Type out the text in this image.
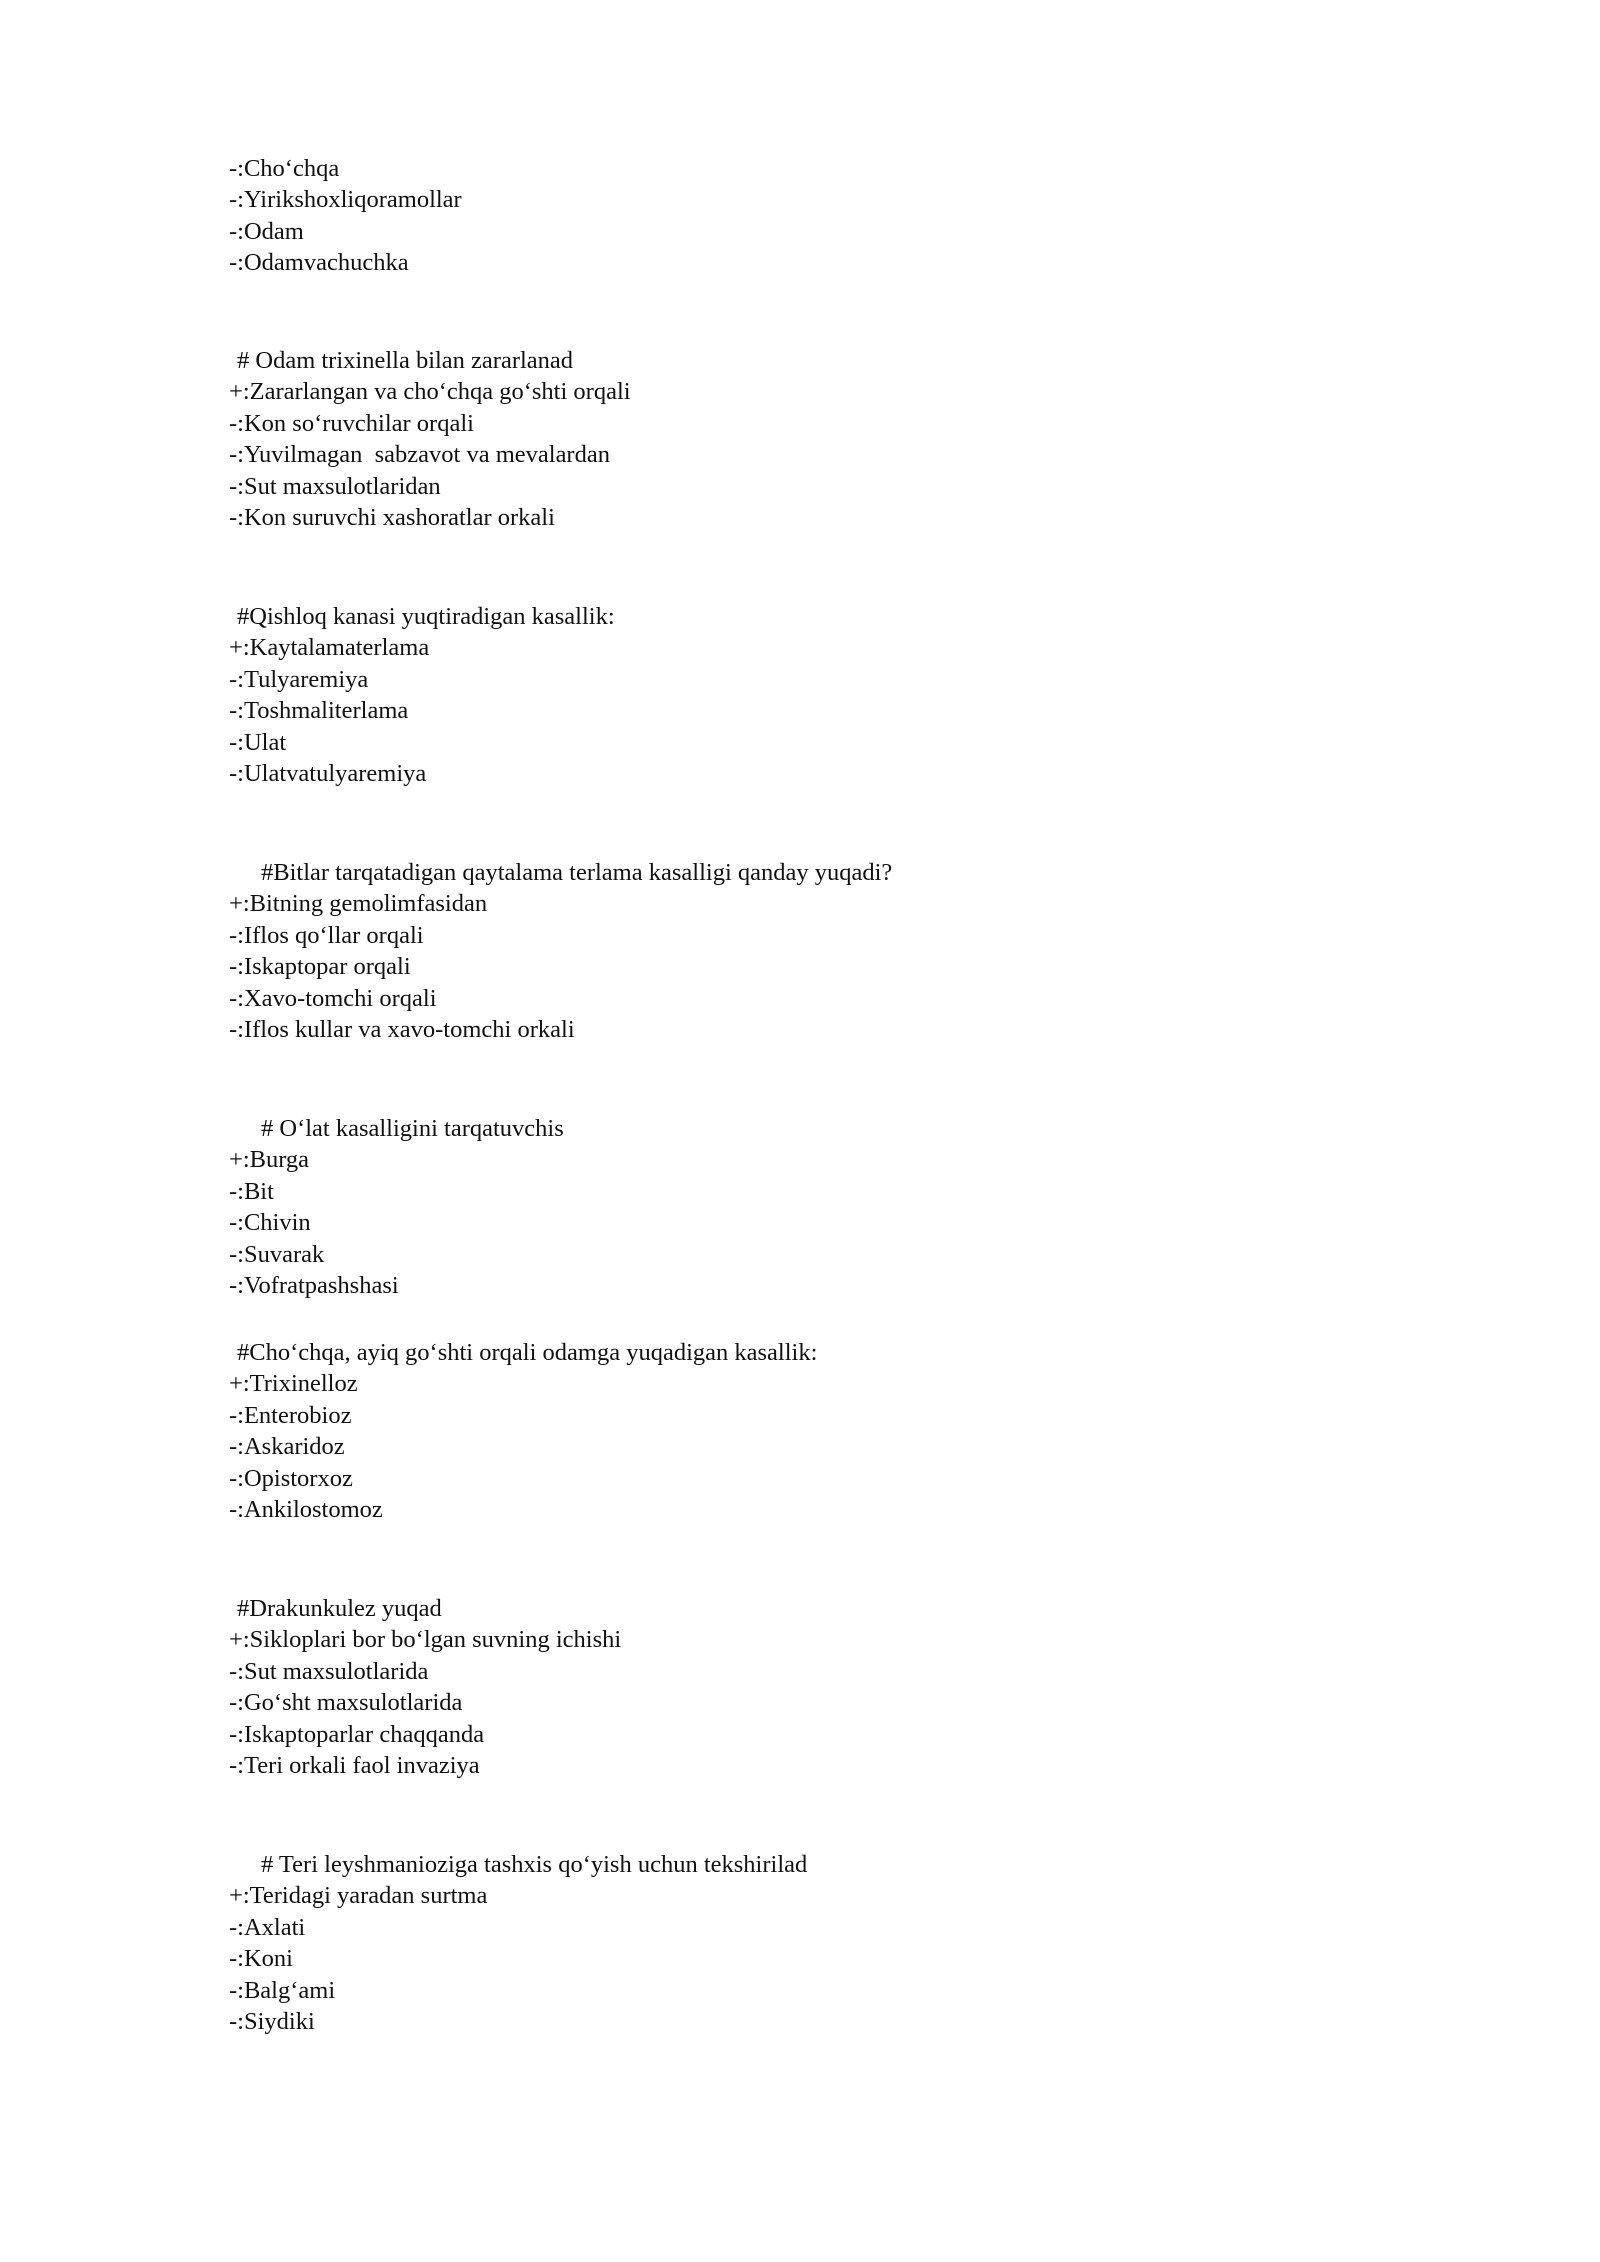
-:Cho‘chqa
-:Yirikshoxliqoramollar
-:Odam
-:Odamvachuchka
# Odam trixinella bilan zararlanad
+:Zararlangan va cho‘chqa go‘shti orqali
-:Kon so‘ruvchilar orqali
-:Yuvilmagan  sabzavot va mevalardan
-:Sut maxsulotlaridan
-:Kon suruvchi xashoratlar orkali
#Qishloq kanasi yuqtiradigan kasallik:
+:Kaytalamaterlama
-:Tulyaremiya
-:Toshmaliterlama
-:Ulat
-:Ulatvatulyaremiya
#Bitlar tarqatadigan qaytalama terlama kasalligi qanday yuqadi?
+:Bitning gemolimfasidan
-:Iflos qo‘llar orqali
-:Iskaptopar orqali
-:Xavo-tomchi orqali
-:Iflos kullar va xavo-tomchi orkali
# O‘lat kasalligini tarqatuvchis
+:Burga
-:Bit
-:Chivin
-:Suvarak
-:Vofratpashshasi
#Cho‘chqa, ayiq go‘shti orqali odamga yuqadigan kasallik:
+:Trixinelloz
-:Enterobioz
-:Askaridoz
-:Opistorxoz
-:Ankilostomoz
#Drakunkulez yuqad
+:Sikloplari bor bo‘lgan suvning ichishi
-:Sut maxsulotlarida
-:Go‘sht maxsulotlarida
-:Iskaptoparlar chaqqanda
-:Teri orkali faol invaziya
# Teri leyshmanioziga tashxis qo‘yish uchun tekshirilad
+:Teridagi yaradan surtma
-:Axlati
-:Koni
-:Balg‘ami
-:Siydiki
